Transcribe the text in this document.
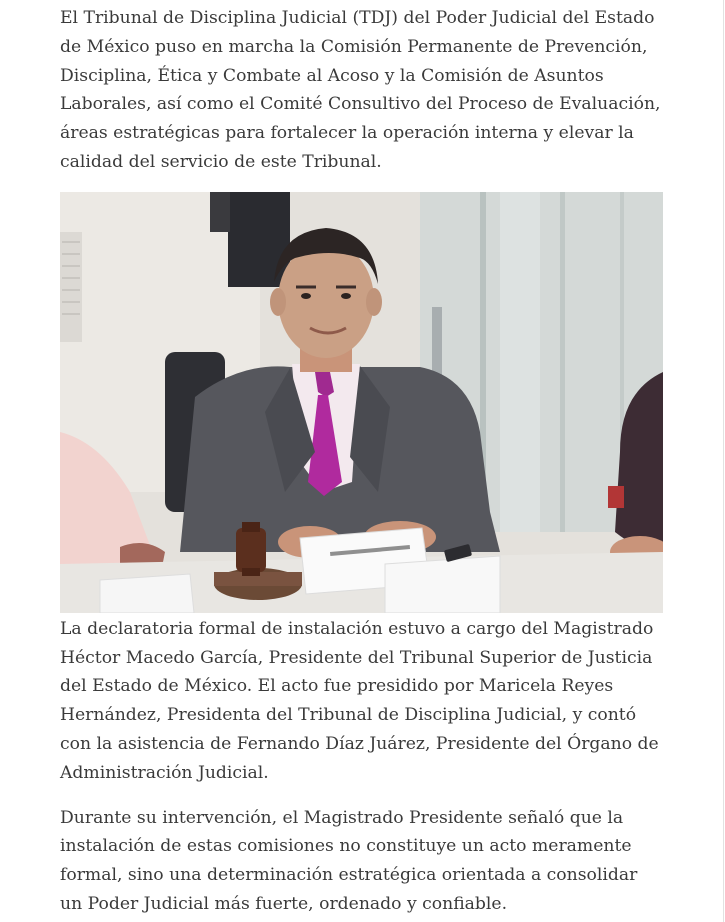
El Tribunal de Disciplina Judicial (TDJ) del Poder Judicial del Estado de México puso en marcha la Comisión Permanente de Prevención, Disciplina, Ética y Combate al Acoso y la Comisión de Asuntos Laborales, así como el Comité Consultivo del Proceso de Evaluación, áreas estratégicas para fortalecer la operación interna y elevar la calidad del servicio de este Tribunal.

La declaratoria formal de instalación estuvo a cargo del Magistrado Héctor Macedo García, Presidente del Tribunal Superior de Justicia del Estado de México. El acto fue presidido por Maricela Reyes Hernández, Presidenta del Tribunal de Disciplina Judicial, y contó con la asistencia de Fernando Díaz Juárez, Presidente del Órgano de Administración Judicial.

Durante su intervención, el Magistrado Presidente señaló que la instalación de estas comisiones no constituye un acto meramente formal, sino una determinación estratégica orientada a consolidar un Poder Judicial más fuerte, ordenado y confiable.
